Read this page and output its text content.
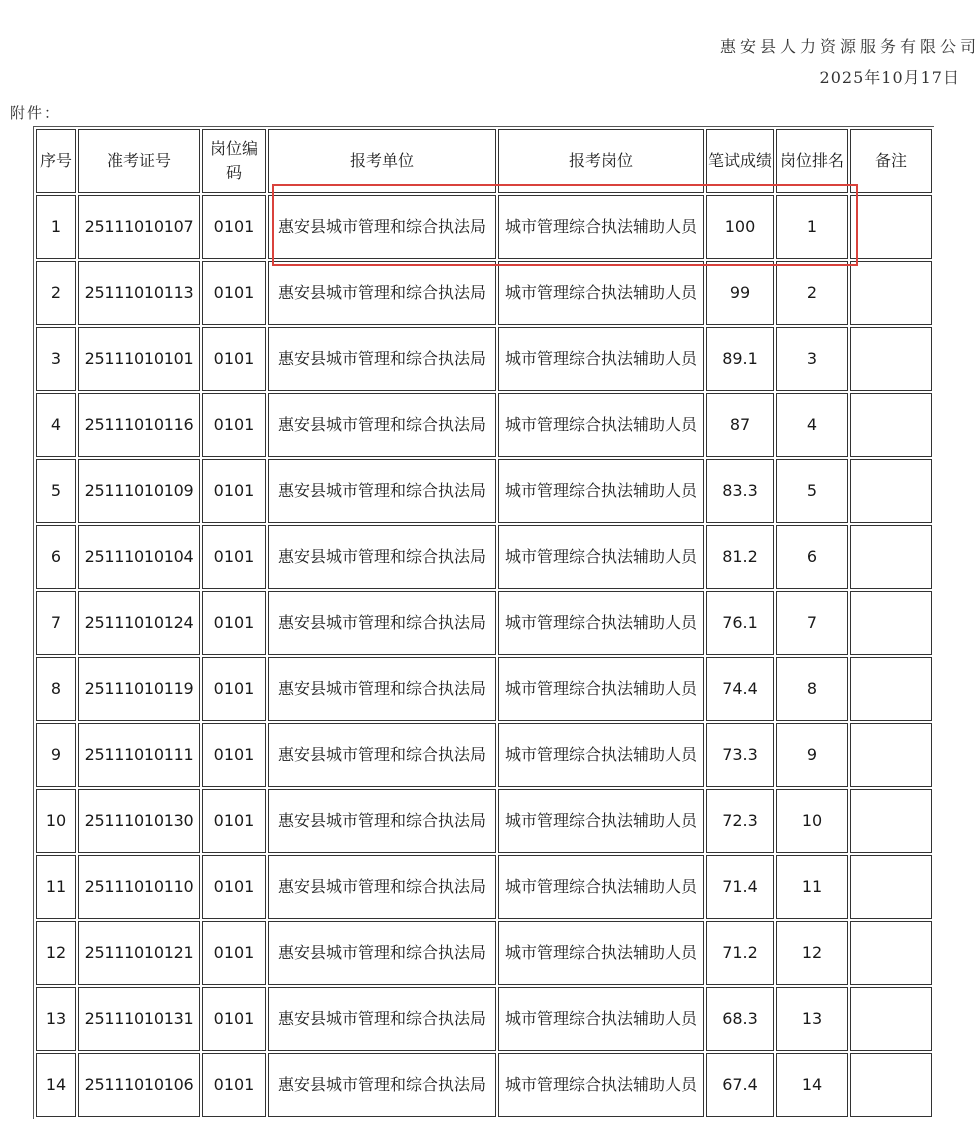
惠安县人力资源服务有限公司
2025年10月17日
附件：
序号	准考证号	岗位编码	报考单位	报考岗位	笔试成绩	岗位排名	备注
1	25111010107	0101	惠安县城市管理和综合执法局	城市管理综合执法辅助人员	100	1	
2	25111010113	0101	惠安县城市管理和综合执法局	城市管理综合执法辅助人员	99	2	
3	25111010101	0101	惠安县城市管理和综合执法局	城市管理综合执法辅助人员	89.1	3	
4	25111010116	0101	惠安县城市管理和综合执法局	城市管理综合执法辅助人员	87	4	
5	25111010109	0101	惠安县城市管理和综合执法局	城市管理综合执法辅助人员	83.3	5	
6	25111010104	0101	惠安县城市管理和综合执法局	城市管理综合执法辅助人员	81.2	6	
7	25111010124	0101	惠安县城市管理和综合执法局	城市管理综合执法辅助人员	76.1	7	
8	25111010119	0101	惠安县城市管理和综合执法局	城市管理综合执法辅助人员	74.4	8	
9	25111010111	0101	惠安县城市管理和综合执法局	城市管理综合执法辅助人员	73.3	9	
10	25111010130	0101	惠安县城市管理和综合执法局	城市管理综合执法辅助人员	72.3	10	
11	25111010110	0101	惠安县城市管理和综合执法局	城市管理综合执法辅助人员	71.4	11	
12	25111010121	0101	惠安县城市管理和综合执法局	城市管理综合执法辅助人员	71.2	12	
13	25111010131	0101	惠安县城市管理和综合执法局	城市管理综合执法辅助人员	68.3	13	
14	25111010106	0101	惠安县城市管理和综合执法局	城市管理综合执法辅助人员	67.4	14	
